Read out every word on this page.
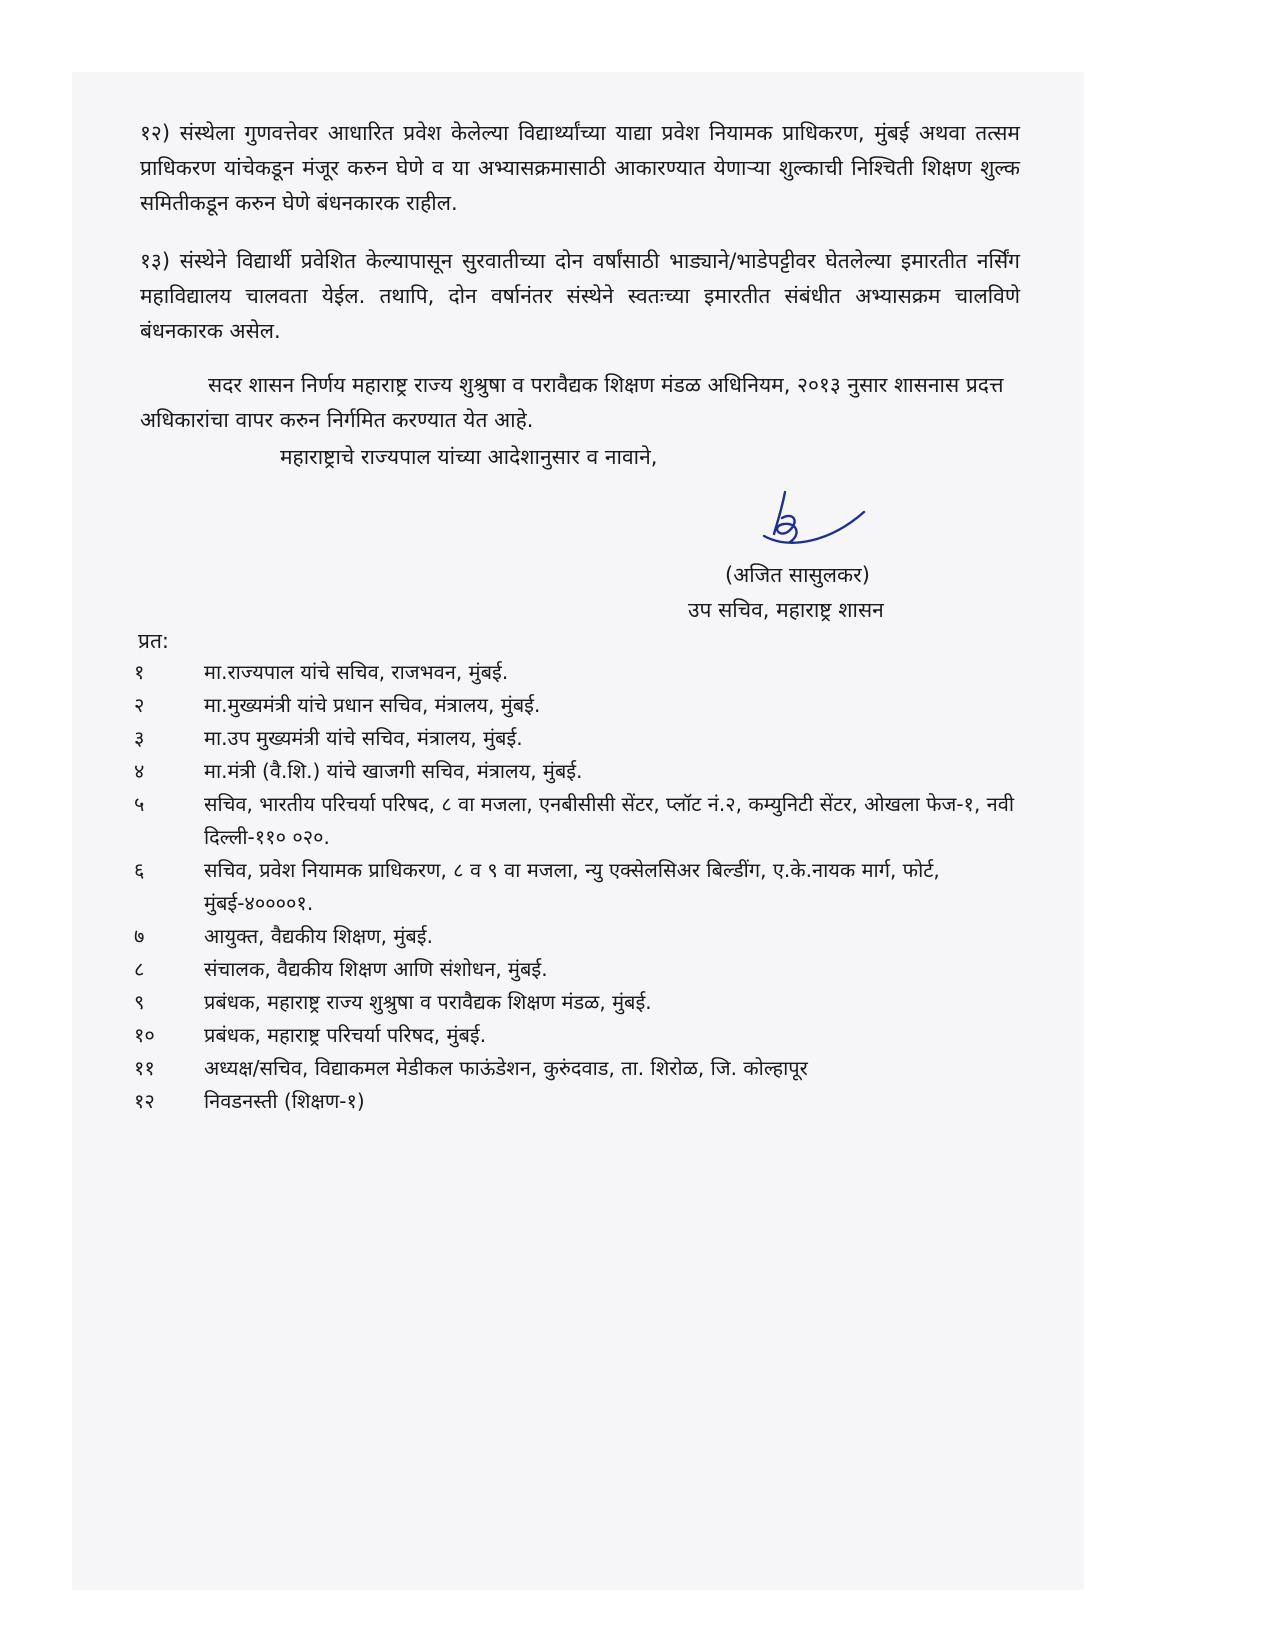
१२) संस्थेला गुणवत्तेवर आधारित प्रवेश केलेल्या विद्यार्थ्यांच्या याद्या प्रवेश नियामक प्राधिकरण, मुंबई अथवा तत्सम प्राधिकरण यांचेकडून मंजूर करुन घेणे व या अभ्यासक्रमासाठी आकारण्यात येणाऱ्या शुल्काची निश्चिती शिक्षण शुल्क समितीकडून करुन घेणे बंधनकारक राहील.

१३) संस्थेने विद्यार्थी प्रवेशित केल्यापासून सुरवातीच्या दोन वर्षांसाठी भाड्याने/भाडेपट्टीवर घेतलेल्या इमारतीत नर्सिंग महाविद्यालय चालवता येईल. तथापि, दोन वर्षानंतर संस्थेने स्वतःच्या इमारतीत संबंधीत अभ्यासक्रम चालविणे बंधनकारक असेल.

सदर शासन निर्णय महाराष्ट्र राज्य शुश्रुषा व परावैद्यक शिक्षण मंडळ अधिनियम, २०१३ नुसार शासनास प्रदत्त अधिकारांचा वापर करुन निर्गमित करण्यात येत आहे.

महाराष्ट्राचे राज्यपाल यांच्या आदेशानुसार व नावाने,

(अजित सासुलकर)
उप सचिव, महाराष्ट्र शासन
प्रत:
१	मा.राज्यपाल यांचे सचिव, राजभवन, मुंबई.
२	मा.मुख्यमंत्री यांचे प्रधान सचिव, मंत्रालय, मुंबई.
३	मा.उप मुख्यमंत्री यांचे सचिव, मंत्रालय, मुंबई.
४	मा.मंत्री (वै.शि.) यांचे खाजगी सचिव, मंत्रालय, मुंबई.
५	सचिव, भारतीय परिचर्या परिषद, ८ वा मजला, एनबीसीसी सेंटर, प्लॉट नं.२, कम्युनिटी सेंटर, ओखला फेज-१, नवी दिल्ली-११० ०२०.
६	सचिव, प्रवेश नियामक प्राधिकरण, ८ व ९ वा मजला, न्यु एक्सेलसिअर बिल्डींग, ए.के.नायक मार्ग, फोर्ट, मुंबई-४००००१.
७	आयुक्त, वैद्यकीय शिक्षण, मुंबई.
८	संचालक, वैद्यकीय शिक्षण आणि संशोधन, मुंबई.
९	प्रबंधक, महाराष्ट्र राज्य शुश्रुषा व परावैद्यक शिक्षण मंडळ, मुंबई.
१०	प्रबंधक, महाराष्ट्र परिचर्या परिषद, मुंबई.
११	अध्यक्ष/सचिव, विद्याकमल मेडीकल फाऊंडेशन, कुरुंदवाड, ता. शिरोळ, जि. कोल्हापूर
१२	निवडनस्ती (शिक्षण-१)
